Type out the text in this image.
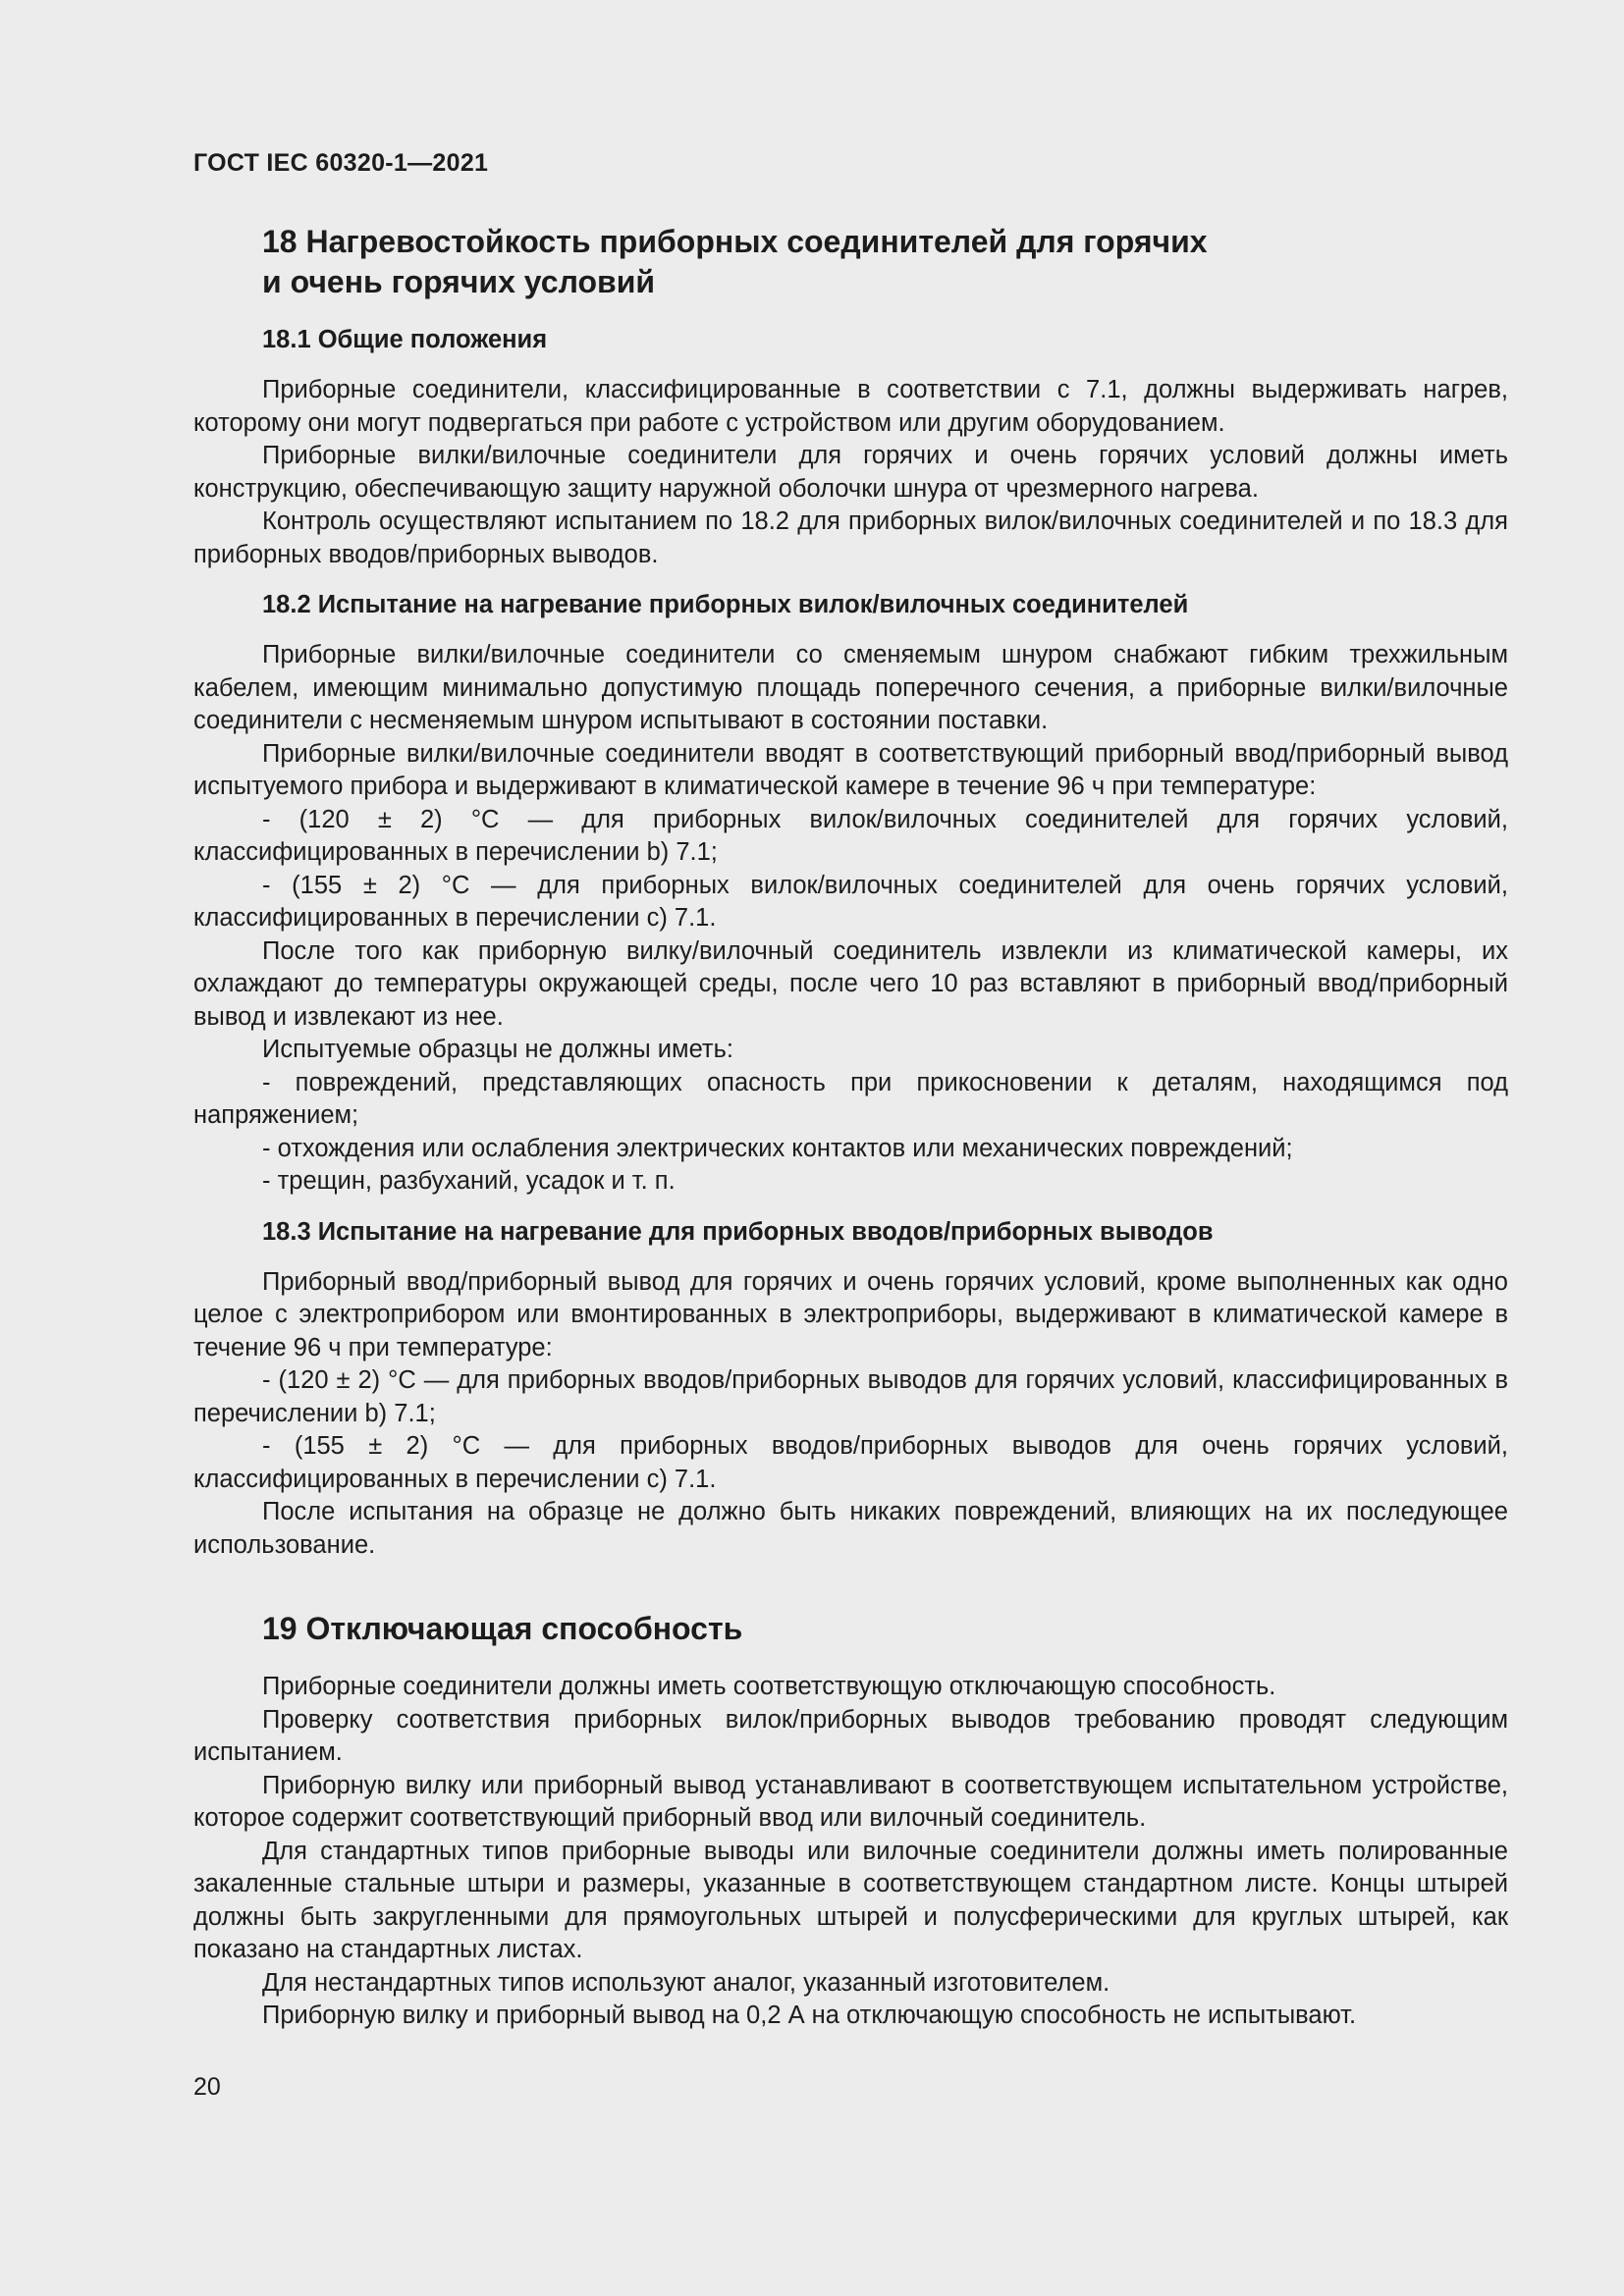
ГОСТ IEC 60320-1—2021
18 Нагревостойкость приборных соединителей для горячих
и очень горячих условий
18.1 Общие положения

Приборные соединители, классифицированные в соответствии с 7.1, должны выдерживать нагрев, которому они могут подвергаться при работе с устройством или другим оборудованием.

Приборные вилки/вилочные соединители для горячих и очень горячих условий должны иметь конструкцию, обеспечивающую защиту наружной оболочки шнура от чрезмерного нагрева.

Контроль осуществляют испытанием по 18.2 для приборных вилок/вилочных соединителей и по 18.3 для приборных вводов/приборных выводов.

18.2 Испытание на нагревание приборных вилок/вилочных соединителей

Приборные вилки/вилочные соединители со сменяемым шнуром снабжают гибким трехжильным кабелем, имеющим минимально допустимую площадь поперечного сечения, а приборные вилки/вилочные соединители с несменяемым шнуром испытывают в состоянии поставки.

Приборные вилки/вилочные соединители вводят в соответствующий приборный ввод/приборный вывод испытуемого прибора и выдерживают в климатической камере в течение 96 ч при температуре:

- (120 ± 2) °C — для приборных вилок/вилочных соединителей для горячих условий, классифицированных в перечислении b) 7.1;

- (155 ± 2) °C — для приборных вилок/вилочных соединителей для очень горячих условий, классифицированных в перечислении c) 7.1.

После того как приборную вилку/вилочный соединитель извлекли из климатической камеры, их охлаждают до температуры окружающей среды, после чего 10 раз вставляют в приборный ввод/приборный вывод и извлекают из нее.

Испытуемые образцы не должны иметь:

- повреждений, представляющих опасность при прикосновении к деталям, находящимся под напряжением;

- отхождения или ослабления электрических контактов или механических повреждений;

- трещин, разбуханий, усадок и т. п.

18.3 Испытание на нагревание для приборных вводов/приборных выводов

Приборный ввод/приборный вывод для горячих и очень горячих условий, кроме выполненных как одно целое с электроприбором или вмонтированных в электроприборы, выдерживают в климатической камере в течение 96 ч при температуре:

- (120 ± 2) °C — для приборных вводов/приборных выводов для горячих условий, классифицированных в перечислении b) 7.1;

- (155 ± 2) °C — для приборных вводов/приборных выводов для очень горячих условий, классифицированных в перечислении c) 7.1.

После испытания на образце не должно быть никаких повреждений, влияющих на их последующее использование.

19 Отключающая способность

Приборные соединители должны иметь соответствующую отключающую способность.

Проверку соответствия приборных вилок/приборных выводов требованию проводят следующим испытанием.

Приборную вилку или приборный вывод устанавливают в соответствующем испытательном устройстве, которое содержит соответствующий приборный ввод или вилочный соединитель.

Для стандартных типов приборные выводы или вилочные соединители должны иметь полированные закаленные стальные штыри и размеры, указанные в соответствующем стандартном листе. Концы штырей должны быть закругленными для прямоугольных штырей и полусферическими для круглых штырей, как показано на стандартных листах.

Для нестандартных типов используют аналог, указанный изготовителем.

Приборную вилку и приборный вывод на 0,2 А на отключающую способность не испытывают.

20
